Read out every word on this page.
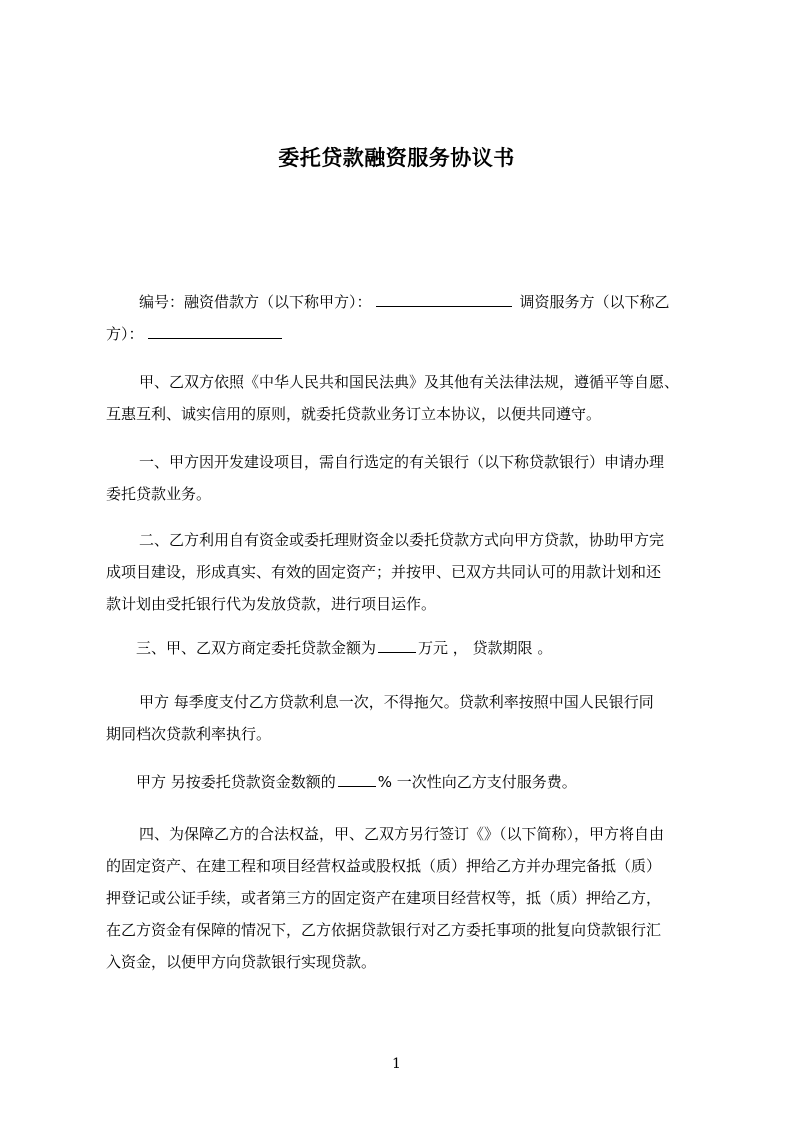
委托贷款融资服务协议书
编号：融资借款方（以下称甲方）：	调资服务方（以下称乙
方）：
甲、乙双方依照《中华人民共和国民法典》及其他有关法律法规，遵循平等自愿、
互惠互利、诚实信用的原则，就委托贷款业务订立本协议，以便共同遵守。
一、甲方因开发建设项目，需自行选定的有关银行（以下称贷款银行）申请办理
委托贷款业务。
二、乙方利用自有资金或委托理财资金以委托贷款方式向甲方贷款，协助甲方完
成项目建设，形成真实、有效的固定资产；并按甲、已双方共同认可的用款计划和还
款计划由受托银行代为发放贷款，进行项目运作。
三、甲、乙双方商定委托贷款金额为	万元 ， 贷款期限 。
甲方 每季度支付乙方贷款利息一次，不得拖欠。贷款利率按照中国人民银行同
期同档次贷款利率执行。
甲方 另按委托贷款资金数额的	% 一次性向乙方支付服务费。
四、为保障乙方的合法权益，甲、乙双方另行签订《》（以下简称），甲方将自由
的固定资产、在建工程和项目经营权益或股权抵（质）押给乙方并办理完备抵（质）
押登记或公证手续，或者第三方的固定资产在建项目经营权等，抵（质）押给乙方，
在乙方资金有保障的情况下，乙方依据贷款银行对乙方委托事项的批复向贷款银行汇
入资金，以便甲方向贷款银行实现贷款。
1
